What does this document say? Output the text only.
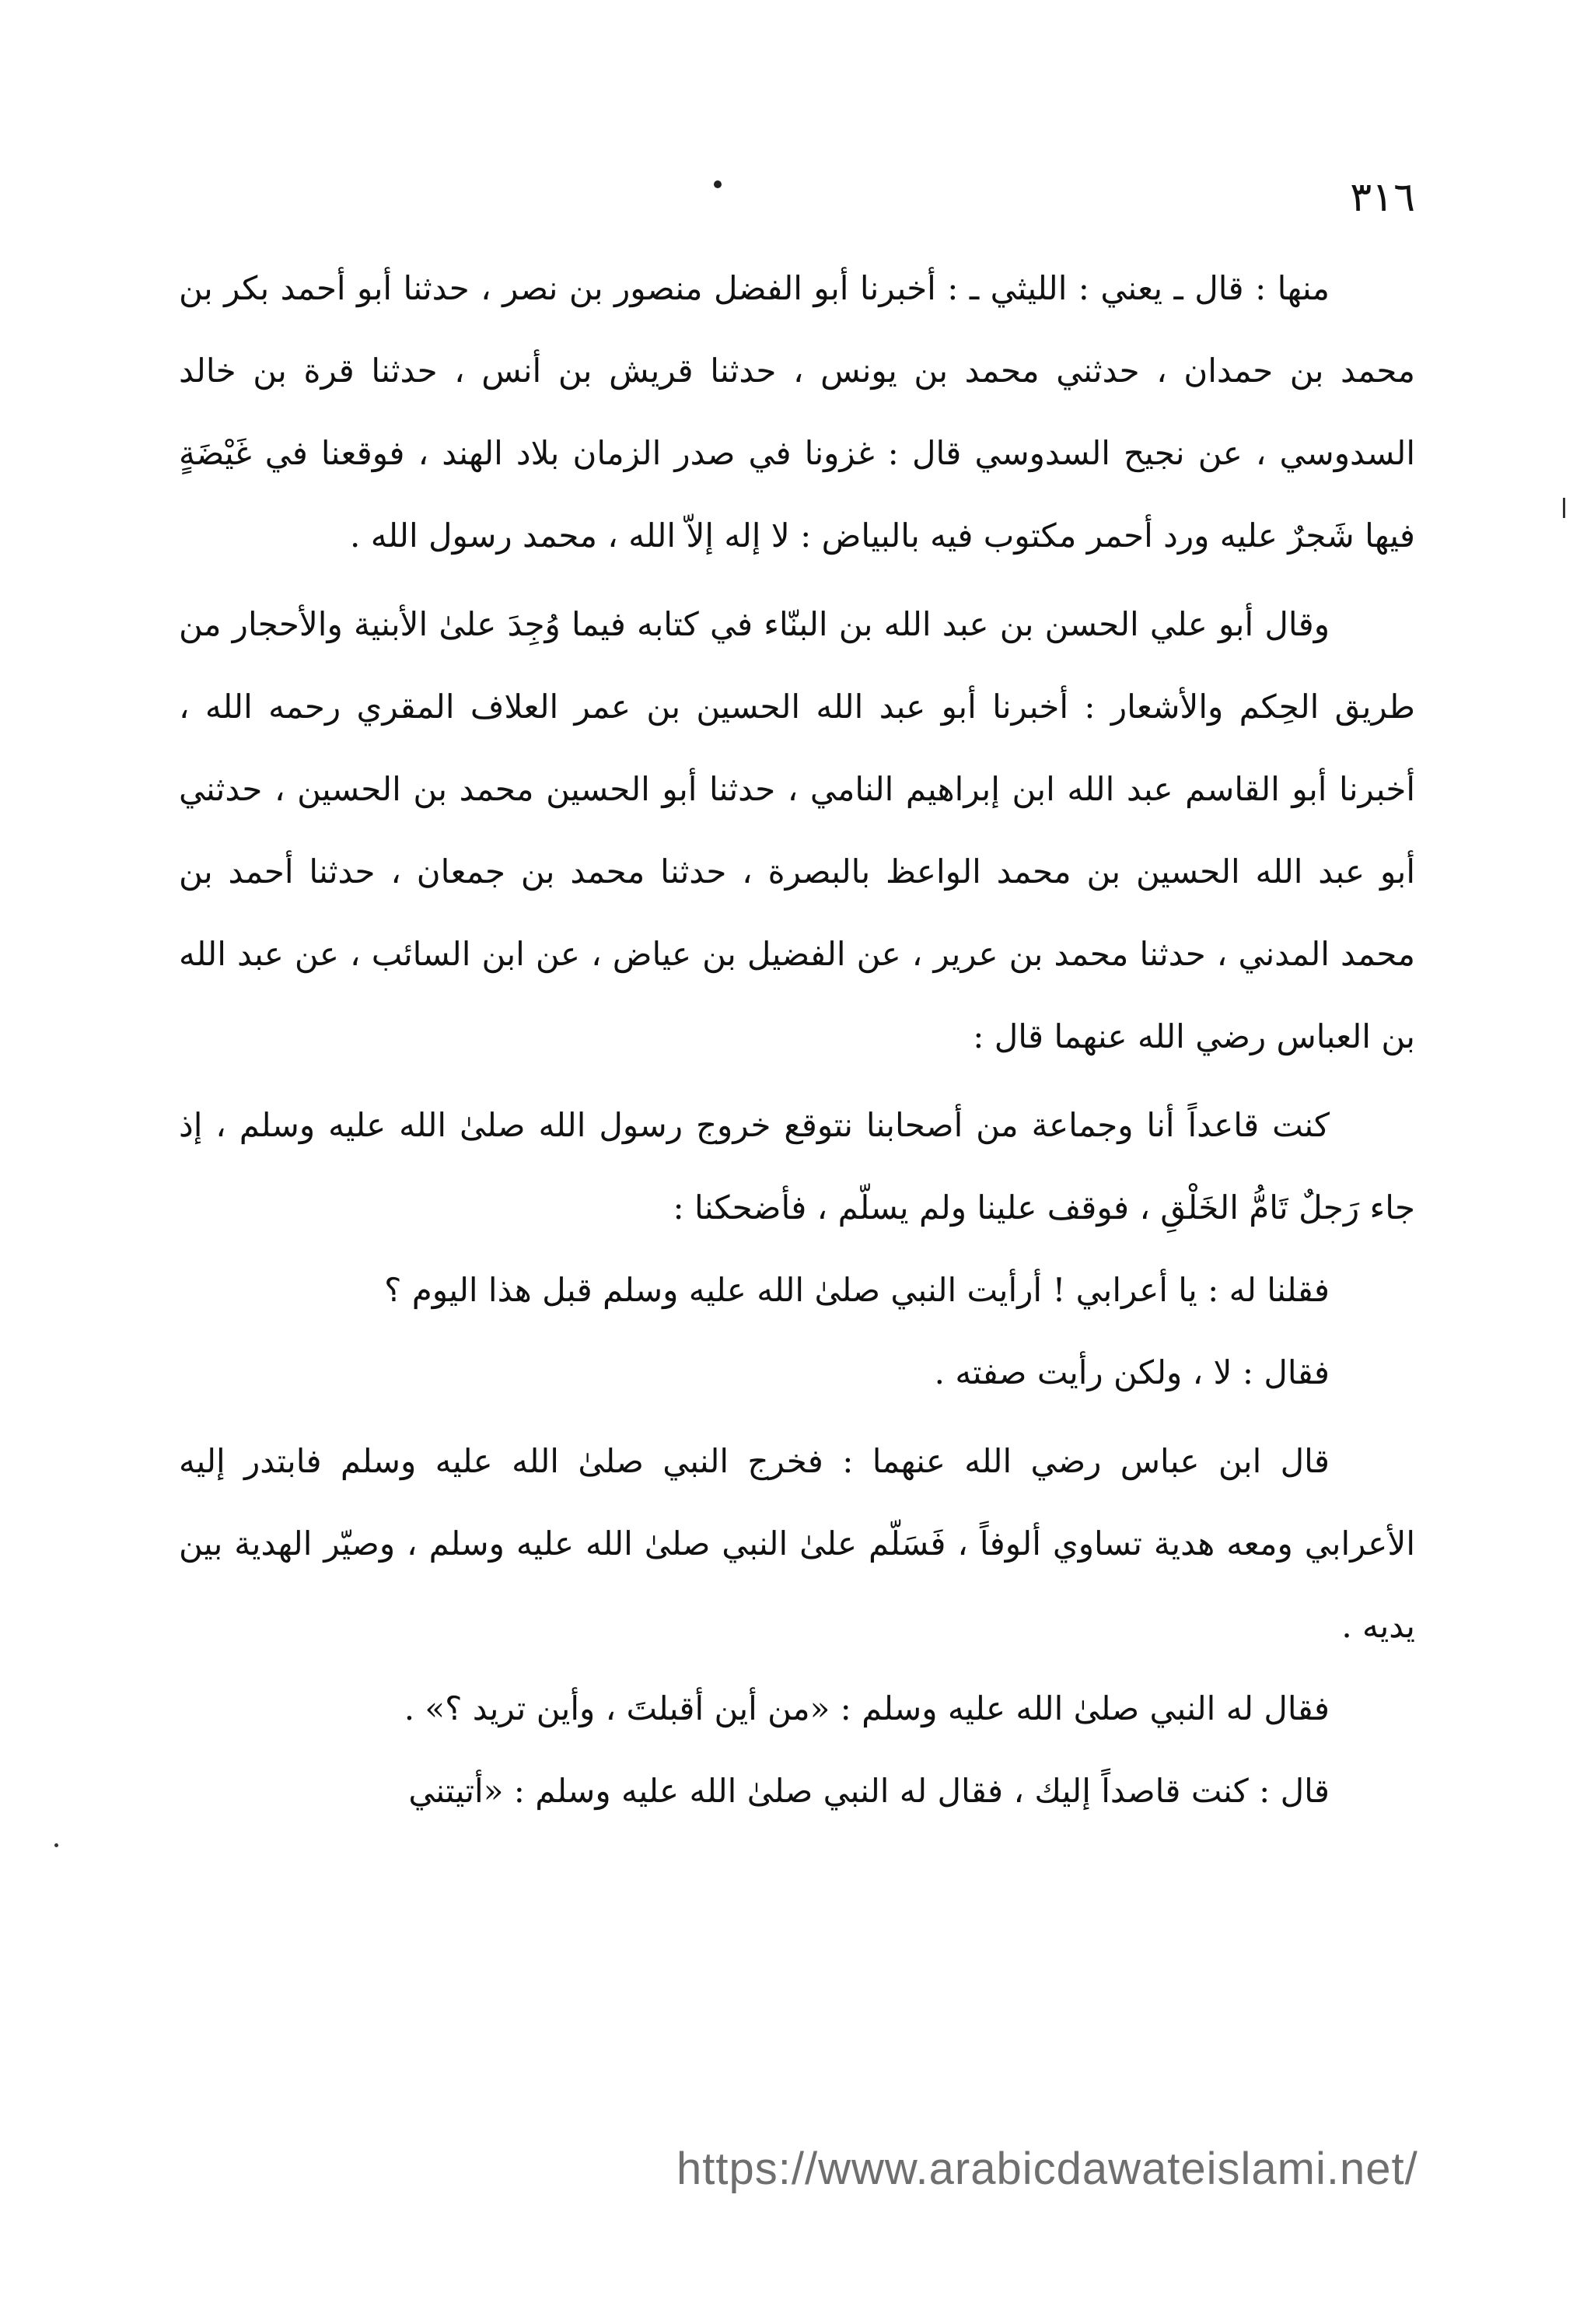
٣١٦

منها : قال ـ يعني : الليثي ـ : أخبرنا أبو الفضل منصور بن نصر ، حدثنا أبو أحمد بكر بن محمد بن حمدان ، حدثني محمد بن يونس ، حدثنا قريش بن أنس ، حدثنا قرة بن خالد السدوسي ، عن نجيح السدوسي قال : غزونا في صدر الزمان بلاد الهند ، فوقعنا في غَيْضَةٍ فيها شَجرٌ عليه ورد أحمر مكتوب فيه بالبياض : لا إله إلاّ الله ، محمد رسول الله .

وقال أبو علي الحسن بن عبد الله بن البنّاء في كتابه فيما وُجِدَ علىٰ الأبنية والأحجار من طريق الحِكم والأشعار : أخبرنا أبو عبد الله الحسين بن عمر العلاف المقري رحمه الله ، أخبرنا أبو القاسم عبد الله ابن إبراهيم النامي ، حدثنا أبو الحسين محمد بن الحسين ، حدثني أبو عبد الله الحسين بن محمد الواعظ بالبصرة ، حدثنا محمد بن جمعان ، حدثنا أحمد بن محمد المدني ، حدثنا محمد بن عرير ، عن الفضيل بن عياض ، عن ابن السائب ، عن عبد الله بن العباس رضي الله عنهما قال :

كنت قاعداً أنا وجماعة من أصحابنا نتوقع خروج رسول الله صلىٰ الله عليه وسلم ، إذ جاء رَجلٌ تَامُّ الخَلْقِ ، فوقف علينا ولم يسلّم ، فأضحكنا :

فقلنا له : يا أعرابي ! أرأيت النبي صلىٰ الله عليه وسلم قبل هذا اليوم ؟

فقال : لا ، ولكن رأيت صفته .

قال ابن عباس رضي الله عنهما : فخرج النبي صلىٰ الله عليه وسلم فابتدر إليه الأعرابي ومعه هدية تساوي ألوفاً ، فَسَلّم علىٰ النبي صلىٰ الله عليه وسلم ، وصيّر الهدية بين يديه .

فقال له النبي صلىٰ الله عليه وسلم : «من أين أقبلتَ ، وأين تريد ؟» .

قال : كنت قاصداً إليك ، فقال له النبي صلىٰ الله عليه وسلم : «أتيتني

https://www.arabicdawateislami.net/
